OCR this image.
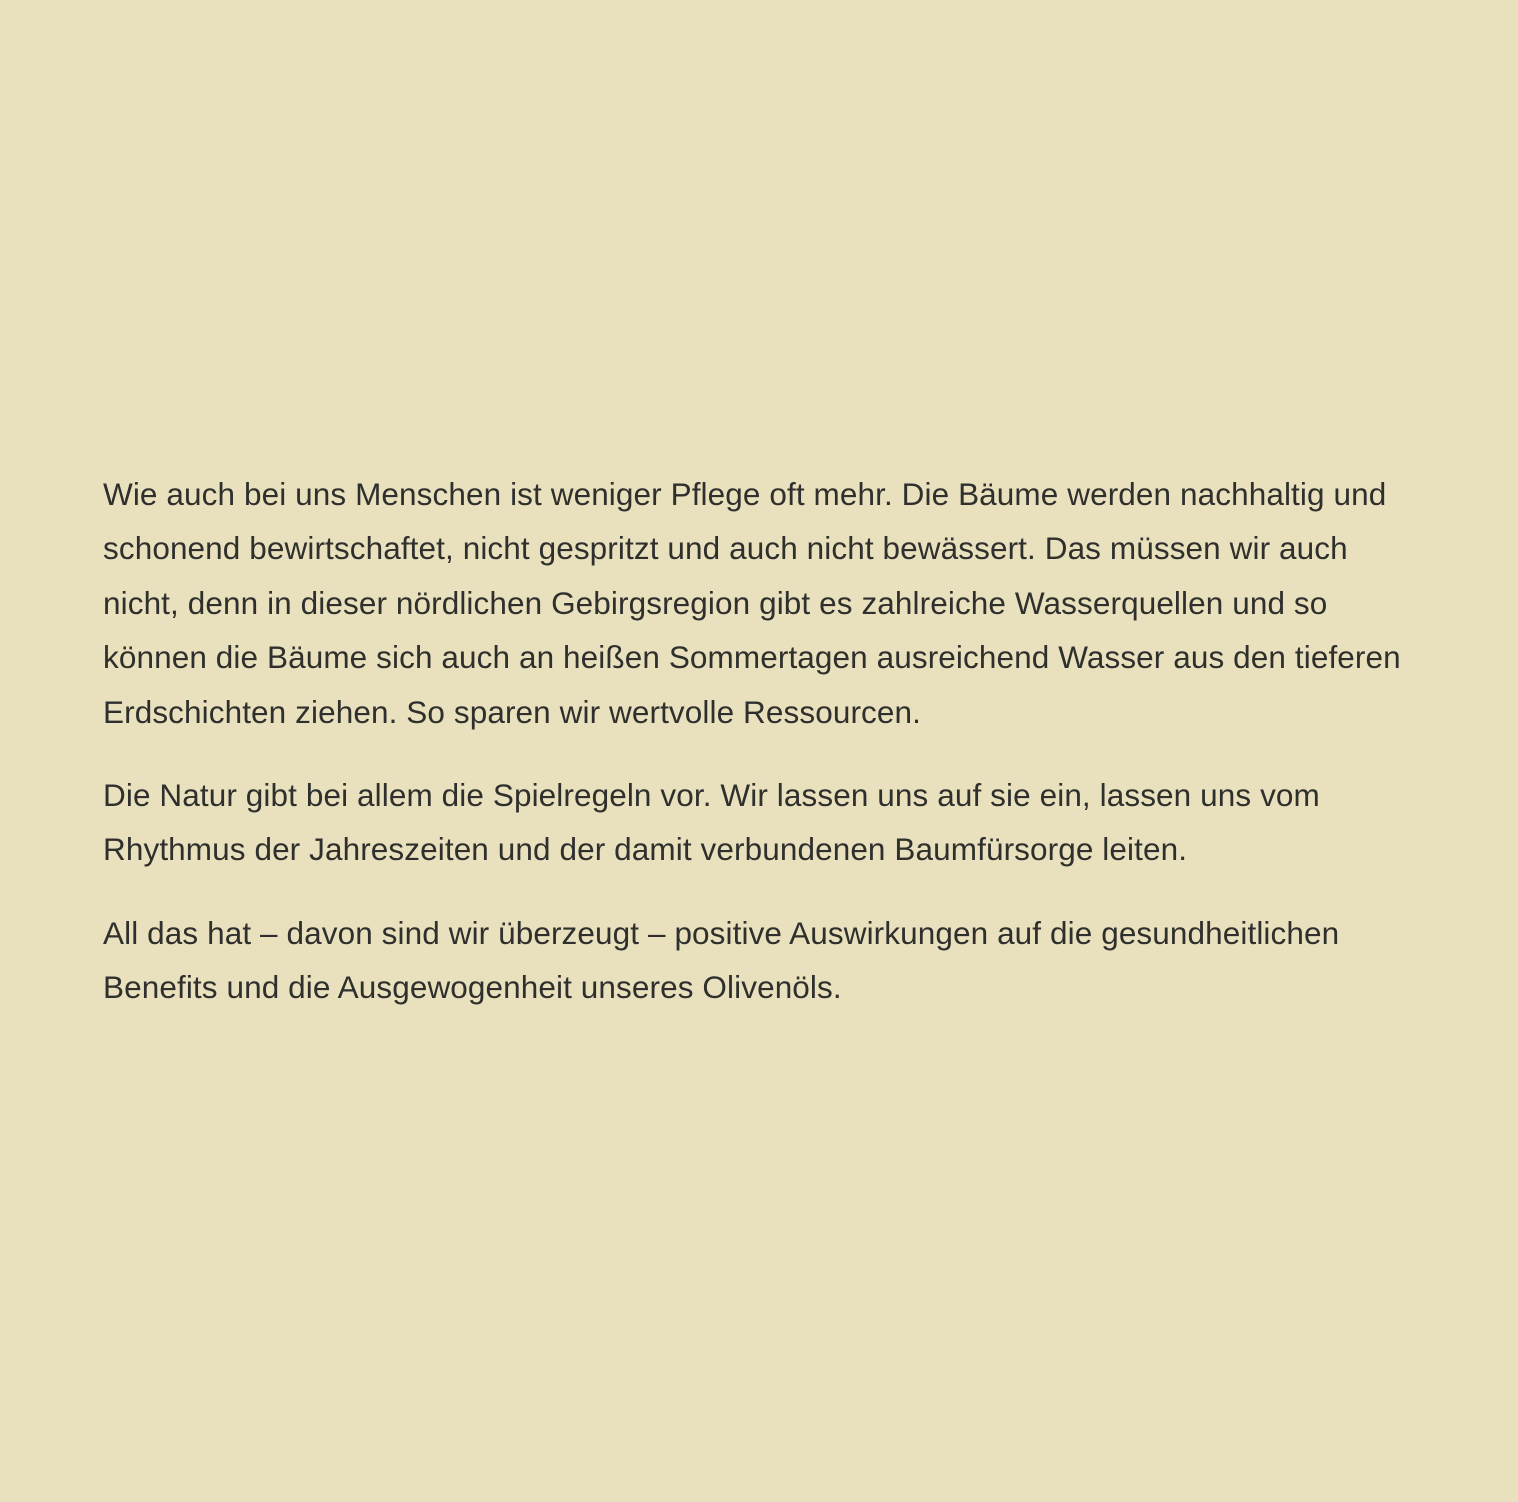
Wie auch bei uns Menschen ist weniger Pflege oft mehr. Die Bäume werden nachhaltig und schonend bewirtschaftet, nicht gespritzt und auch nicht bewässert. Das müssen wir auch nicht, denn in dieser nördlichen Gebirgsregion gibt es zahlreiche Wasserquellen und so können die Bäume sich auch an heißen Sommertagen ausreichend Wasser aus den tieferen Erdschichten ziehen. So sparen wir wertvolle Ressourcen.

Die Natur gibt bei allem die Spielregeln vor. Wir lassen uns auf sie ein, lassen uns vom Rhythmus der Jahreszeiten und der damit verbundenen Baumfürsorge leiten.

All das hat – davon sind wir überzeugt – positive Auswirkungen auf die gesundheitlichen Benefits und die Ausgewogenheit unseres Olivenöls.
